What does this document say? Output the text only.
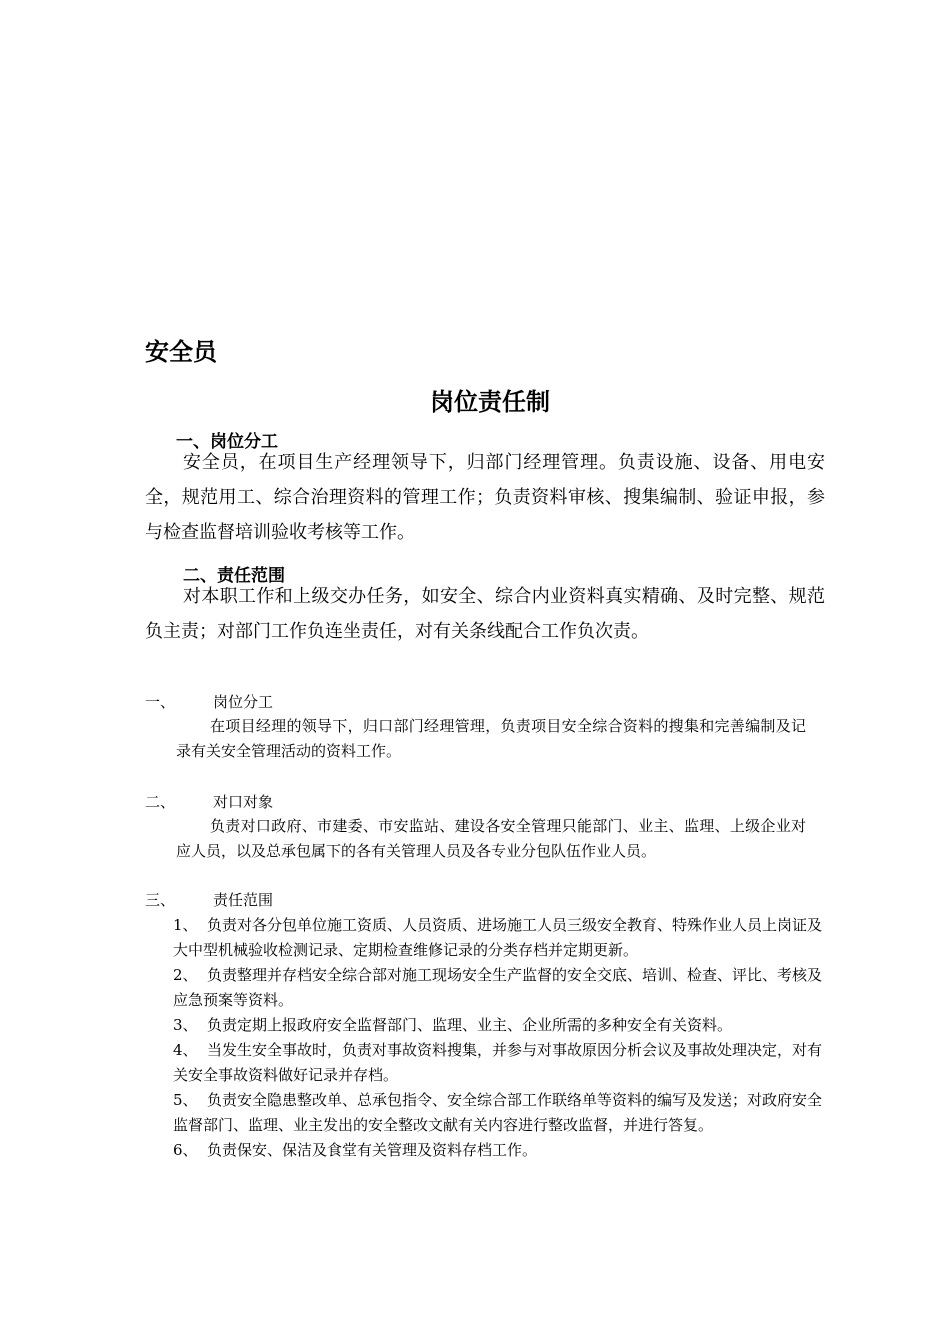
安全员
岗位责任制
一、岗位分工

安全员，在项目生产经理领导下，归部门经理管理。负责设施、设备、用电安全，规范用工、综合治理资料的管理工作；负责资料审核、搜集编制、验证申报，参与检查监督培训验收考核等工作。

二、责任范围

对本职工作和上级交办任务，如安全、综合内业资料真实精确、及时完整、规范负主责；对部门工作负连坐责任，对有关条线配合工作负次责。

一、	岗位分工

在项目经理的领导下，归口部门经理管理，负责项目安全综合资料的搜集和完善编制及记录有关安全管理活动的资料工作。

二、	对口对象

负责对口政府、市建委、市安监站、建设各安全管理只能部门、业主、监理、上级企业对应人员，以及总承包属下的各有关管理人员及各专业分包队伍作业人员。

三、	责任范围
1、 负责对各分包单位施工资质、人员资质、进场施工人员三级安全教育、特殊作业人员上岗证及大中型机械验收检测记录、定期检查维修记录的分类存档并定期更新。
2、 负责整理并存档安全综合部对施工现场安全生产监督的安全交底、培训、检查、评比、考核及应急预案等资料。
3、 负责定期上报政府安全监督部门、监理、业主、企业所需的多种安全有关资料。
4、 当发生安全事故时，负责对事故资料搜集，并参与对事故原因分析会议及事故处理决定，对有关安全事故资料做好记录并存档。
5、 负责安全隐患整改单、总承包指令、安全综合部工作联络单等资料的编写及发送；对政府安全监督部门、监理、业主发出的安全整改文献有关内容进行整改监督，并进行答复。
6、 负责保安、保洁及食堂有关管理及资料存档工作。
